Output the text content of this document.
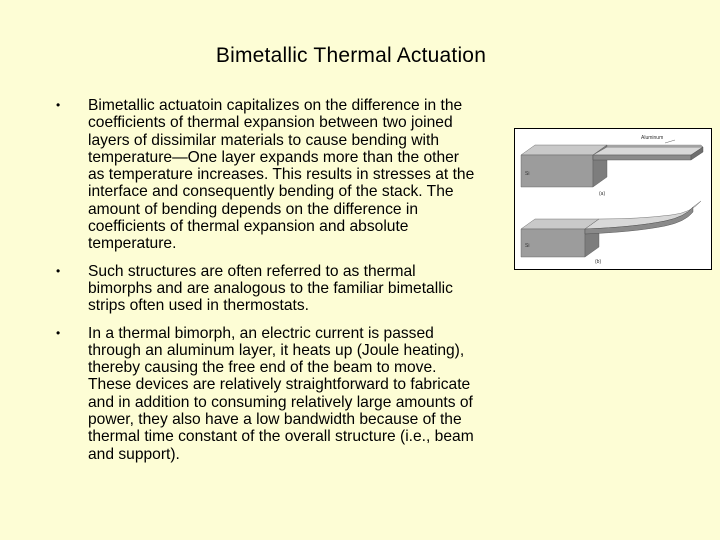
Bimetallic Thermal Actuation
•	Bimetallic actuatoin capitalizes on the difference in the coefficients of thermal expansion between two joined layers of dissimilar materials to cause bending with temperature—One layer expands more than the other as temperature increases. This results in stresses at the interface and consequently bending of the stack. The amount of bending depends on the difference in coefficients of thermal expansion and absolute temperature.
•	Such structures are often referred to as thermal bimorphs and are analogous to the familiar bimetallic strips often used in thermostats.
•	In a thermal bimorph, an electric current is passed through an aluminum layer, it heats up (Joule heating), thereby causing the free end of the beam to move. These devices are relatively straightforward to fabricate and in addition to consuming relatively large amounts of power, they also have a low bandwidth because of the thermal time constant of the overall structure (i.e., beam and support).
Aluminum
Si
(a)
Si
(b)
